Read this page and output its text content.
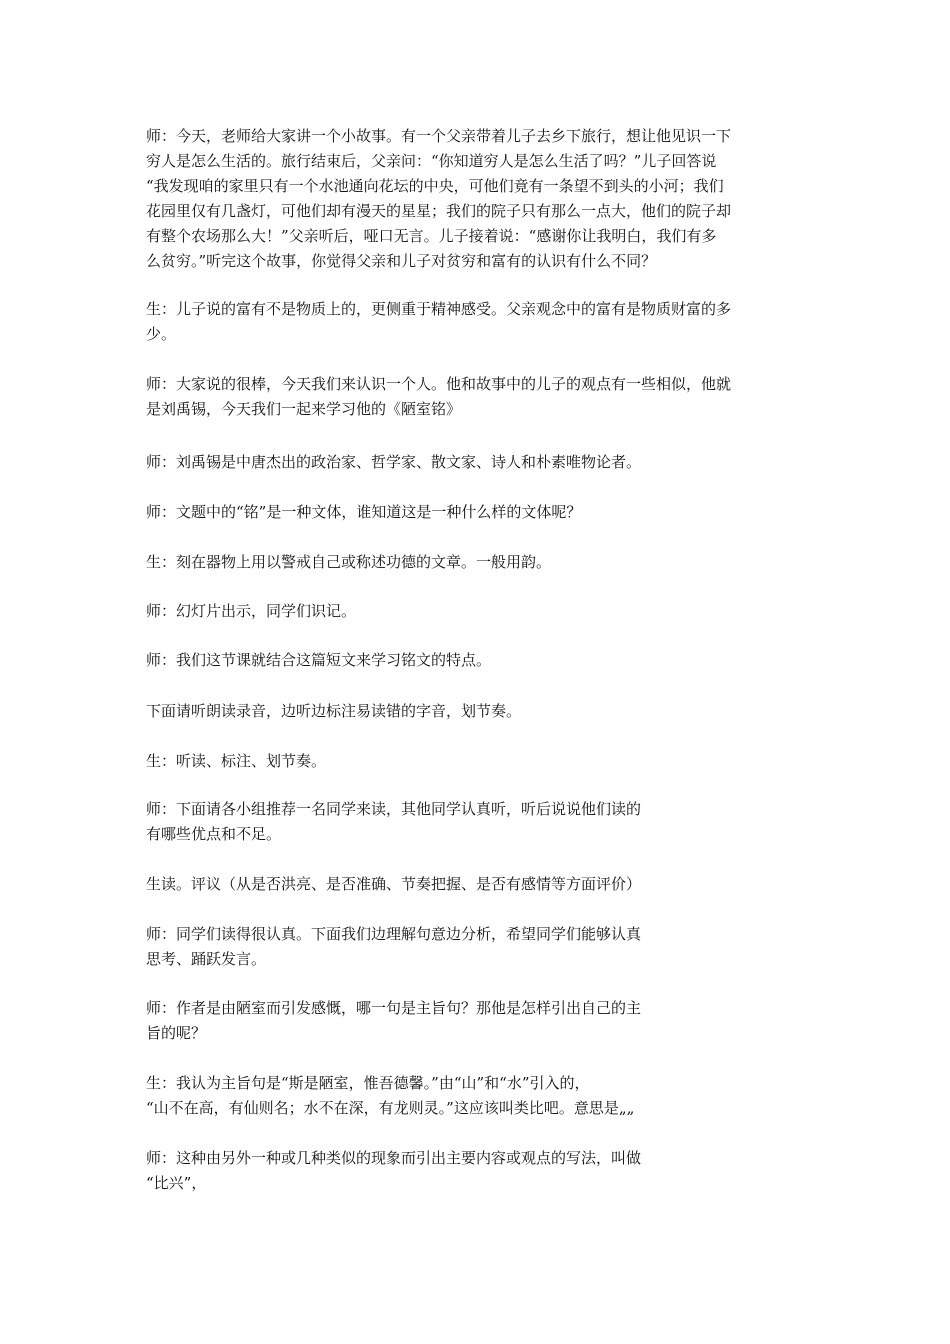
师：今天，老师给大家讲一个小故事。有一个父亲带着儿子去乡下旅行，想让他见识一下
穷人是怎么生活的。旅行结束后，父亲问：“你知道穷人是怎么生活了吗？”儿子回答说
“我发现咱的家里只有一个水池通向花坛的中央，可他们竟有一条望不到头的小河；我们
花园里仅有几盏灯，可他们却有漫天的星星；我们的院子只有那么一点大，他们的院子却
有整个农场那么大！”父亲听后，哑口无言。儿子接着说：“感谢你让我明白，我们有多
么贫穷。”听完这个故事，你觉得父亲和儿子对贫穷和富有的认识有什么不同？

生：儿子说的富有不是物质上的，更侧重于精神感受。父亲观念中的富有是物质财富的多
少。

师：大家说的很棒，今天我们来认识一个人。他和故事中的儿子的观点有一些相似，他就
是刘禹锡，今天我们一起来学习他的《陋室铭》

师：刘禹锡是中唐杰出的政治家、哲学家、散文家、诗人和朴素唯物论者。

师：文题中的“铭”是一种文体，谁知道这是一种什么样的文体呢？

生：刻在器物上用以警戒自己或称述功德的文章。一般用韵。

师：幻灯片出示，同学们识记。

师：我们这节课就结合这篇短文来学习铭文的特点。

下面请听朗读录音，边听边标注易读错的字音，划节奏。

生：听读、标注、划节奏。

师：下面请各小组推荐一名同学来读，其他同学认真听，听后说说他们读的
有哪些优点和不足。

生读。评议（从是否洪亮、是否准确、节奏把握、是否有感情等方面评价）

师：同学们读得很认真。下面我们边理解句意边分析，希望同学们能够认真
思考、踊跃发言。

师：作者是由陋室而引发感慨，哪一句是主旨句？那他是怎样引出自己的主
旨的呢？

生：我认为主旨句是“斯是陋室，惟吾德馨。”由“山”和“水”引入的，
“山不在高，有仙则名；水不在深，有龙则灵。”这应该叫类比吧。意思是„„

师：这种由另外一种或几种类似的现象而引出主要内容或观点的写法，叫做
“比兴”，
